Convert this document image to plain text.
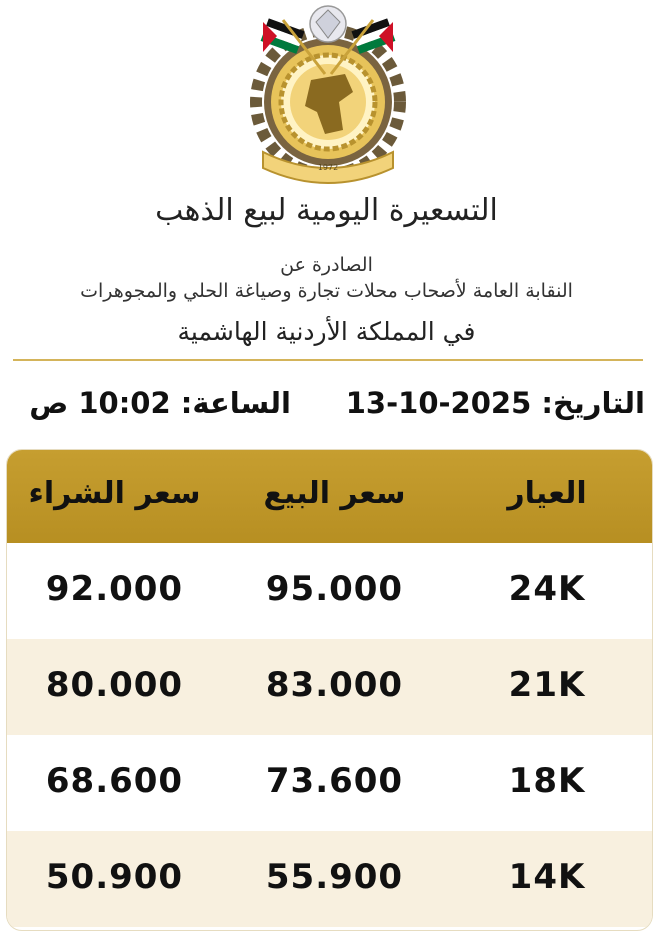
1972
التسعيرة اليومية لبيع الذهب
الصادرة عن
النقابة العامة لأصحاب محلات تجارة وصياغة الحلي والمجوهرات
في المملكة الأردنية الهاشمية
التاريخ: 13-10-2025
الساعة: 10:02 ص
سعر الشراء	سعر البيع	العيار
92.000	95.000	24K
80.000	83.000	21K
68.600	73.600	18K
50.900	55.900	14K
